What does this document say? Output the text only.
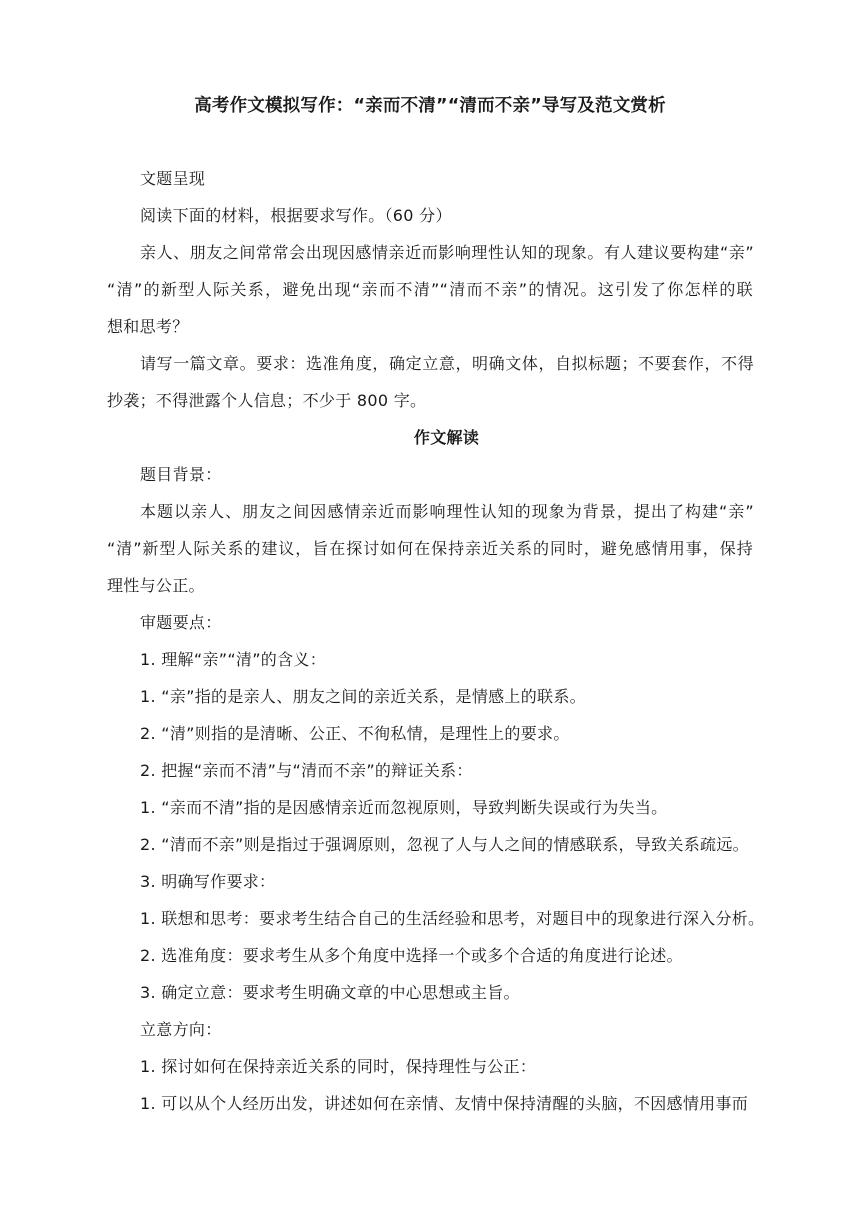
高考作文模拟写作：“亲而不清”“清而不亲”导写及范文赏析
文题呈现
阅读下面的材料，根据要求写作。（60 分）
亲人、朋友之间常常会出现因感情亲近而影响理性认知的现象。有人建议要构建“亲”
“清”的新型人际关系，避免出现“亲而不清”“清而不亲”的情况。这引发了你怎样的联
想和思考？
请写一篇文章。要求：选准角度，确定立意，明确文体，自拟标题；不要套作，不得
抄袭；不得泄露个人信息；不少于 800 字。
作文解读
题目背景：
本题以亲人、朋友之间因感情亲近而影响理性认知的现象为背景，提出了构建“亲”
“清”新型人际关系的建议，旨在探讨如何在保持亲近关系的同时，避免感情用事，保持
理性与公正。
审题要点：
1. 理解“亲”“清”的含义：
1. “亲”指的是亲人、朋友之间的亲近关系，是情感上的联系。
2. “清”则指的是清晰、公正、不徇私情，是理性上的要求。
2. 把握“亲而不清”与“清而不亲”的辩证关系：
1. “亲而不清”指的是因感情亲近而忽视原则，导致判断失误或行为失当。
2. “清而不亲”则是指过于强调原则，忽视了人与人之间的情感联系，导致关系疏远。
3. 明确写作要求：
1. 联想和思考：要求考生结合自己的生活经验和思考，对题目中的现象进行深入分析。
2. 选准角度：要求考生从多个角度中选择一个或多个合适的角度进行论述。
3. 确定立意：要求考生明确文章的中心思想或主旨。
立意方向：
1. 探讨如何在保持亲近关系的同时，保持理性与公正：
1. 可以从个人经历出发，讲述如何在亲情、友情中保持清醒的头脑，不因感情用事而
